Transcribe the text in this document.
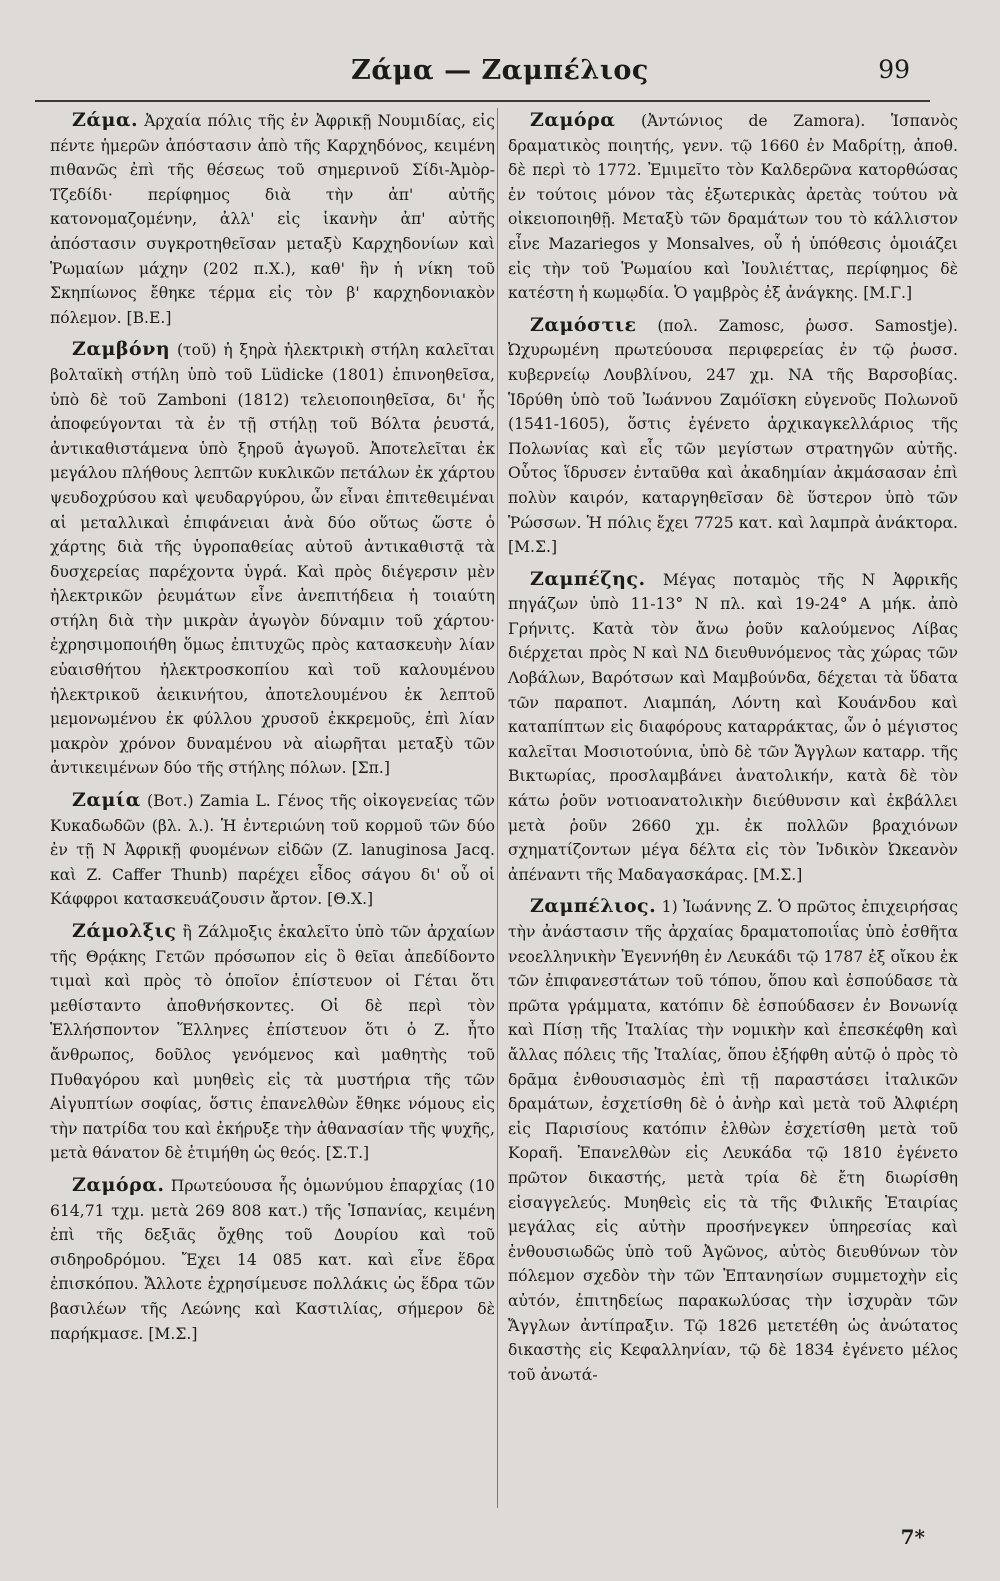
Ζάμα — Ζαμπέλιος	99

Ζάμα. Ἀρχαία πόλις τῆς ἐν Ἀφρικῇ Νουμιδίας, εἰς πέντε ἡμερῶν ἀπόστασιν ἀπὸ τῆς Καρχηδόνος, κειμένη πιθανῶς ἐπὶ τῆς θέσεως τοῦ σημερινοῦ Σίδι-Ἀμὸρ-Τζεδίδι· περίφημος διὰ τὴν ἀπ' αὐτῆς κατονομαζομένην, ἀλλ' εἰς ἱκανὴν ἀπ' αὐτῆς ἀπόστασιν συγκροτηθεῖσαν μεταξὺ Καρχηδονίων καὶ Ῥωμαίων μάχην (202 π.Χ.), καθ' ἣν ἡ νίκη τοῦ Σκηπίωνος ἔθηκε τέρμα εἰς τὸν β' καρχηδονιακὸν πόλεμον. [Β.Ε.]

Ζαμβόνη (τοῦ) ἡ ξηρὰ ἠλεκτρικὴ στήλη καλεῖται βολταϊκὴ στήλη ὑπὸ τοῦ Lüdicke (1801) ἐπινοηθεῖσα, ὑπὸ δὲ τοῦ Zamboni (1812) τελειοποιηθεῖσα, δι' ἧς ἀποφεύγονται τὰ ἐν τῇ στήλῃ τοῦ Βόλτα ῥευστά, ἀντικαθιστάμενα ὑπὸ ξηροῦ ἀγωγοῦ. Ἀποτελεῖται ἐκ μεγάλου πλήθους λεπτῶν κυκλικῶν πετάλων ἐκ χάρτου ψευδοχρύσου καὶ ψευδαργύρου, ὧν εἶναι ἐπιτεθειμέναι αἱ μεταλλικαὶ ἐπιφάνειαι ἀνὰ δύο οὕτως ὥστε ὁ χάρτης διὰ τῆς ὑγροπαθείας αὐτοῦ ἀντικαθιστᾷ τὰ δυσχερείας παρέχοντα ὑγρά. Καὶ πρὸς διέγερσιν μὲν ἠλεκτρικῶν ῥευμάτων εἶνε ἀνεπιτήδεια ἡ τοιαύτη στήλη διὰ τὴν μικρὰν ἀγωγὸν δύναμιν τοῦ χάρτου· ἐχρησιμοποιήθη ὅμως ἐπιτυχῶς πρὸς κατασκευὴν λίαν εὐαισθήτου ἠλεκτροσκοπίου καὶ τοῦ καλουμένου ἠλεκτρικοῦ ἀεικινήτου, ἀποτελουμένου ἐκ λεπτοῦ μεμονωμένου ἐκ φύλλου χρυσοῦ ἐκκρεμοῦς, ἐπὶ λίαν μακρὸν χρόνον δυναμένου νὰ αἰωρῆται μεταξὺ τῶν ἀντικειμένων δύο τῆς στήλης πόλων. [Σπ.]

Ζαμία (Βοτ.) Zamia L. Γένος τῆς οἰκογενείας τῶν Κυκαδωδῶν (βλ. λ.). Ἡ ἐντεριώνη τοῦ κορμοῦ τῶν δύο ἐν τῇ Ν Ἀφρικῇ φυομένων εἰδῶν (Z. lanuginosa Jacq. καὶ Z. Caffer Thunb) παρέχει εἶδος σάγου δι' οὗ οἱ Κάφφροι κατασκευάζουσιν ἄρτον. [Θ.Χ.]

Ζάμολξις ἢ Ζάλμοξις ἐκαλεῖτο ὑπὸ τῶν ἀρχαίων τῆς Θρᾴκης Γετῶν πρόσωπον εἰς ὃ θεῖαι ἀπεδίδοντο τιμαὶ καὶ πρὸς τὸ ὁποῖον ἐπίστευον οἱ Γέται ὅτι μεθίσταντο ἀποθνήσκοντες. Οἱ δὲ περὶ τὸν Ἑλλήσποντον Ἕλληνες ἐπίστευον ὅτι ὁ Ζ. ἦτο ἄνθρωπος, δοῦλος γενόμενος καὶ μαθητὴς τοῦ Πυθαγόρου καὶ μυηθεὶς εἰς τὰ μυστήρια τῆς τῶν Αἰγυπτίων σοφίας, ὅστις ἐπανελθὼν ἔθηκε νόμους εἰς τὴν πατρίδα του καὶ ἐκήρυξε τὴν ἀθανασίαν τῆς ψυχῆς, μετὰ θάνατον δὲ ἐτιμήθη ὡς θεός. [Σ.Τ.]

Ζαμόρα. Πρωτεύουσα ἧς ὁμωνύμου ἐπαρχίας (10 614,71 τχμ. μετὰ 269 808 κατ.) τῆς Ἱσπανίας, κειμένη ἐπὶ τῆς δεξιᾶς ὄχθης τοῦ Δουρίου καὶ τοῦ σιδηροδρόμου. Ἔχει 14 085 κατ. καὶ εἶνε ἕδρα ἐπισκόπου. Ἄλλοτε ἐχρησίμευσε πολλάκις ὡς ἕδρα τῶν βασιλέων τῆς Λεώνης καὶ Καστιλίας, σήμερον δὲ παρήκμασε. [Μ.Σ.]

Ζαμόρα (Ἀντώνιος de Zamora). Ἱσπανὸς δραματικὸς ποιητής, γενν. τῷ 1660 ἐν Μαδρίτῃ, ἀποθ. δὲ περὶ τὸ 1772. Ἐμιμεῖτο τὸν Καλδερῶνα κατορθώσας ἐν τούτοις μόνον τὰς ἐξωτερικὰς ἀρετὰς τούτου νὰ οἰκειοποιηθῇ. Μεταξὺ τῶν δραμάτων του τὸ κάλλιστον εἶνε Mazariegos y Monsalves, οὗ ἡ ὑπόθεσις ὁμοιάζει εἰς τὴν τοῦ Ῥωμαίου καὶ Ἰουλιέττας, περίφημος δὲ κατέστη ἡ κωμῳδία. Ὁ γαμβρὸς ἐξ ἀνάγκης. [Μ.Γ.]

Ζαμόστιε (πολ. Zamosc, ῥωσσ. Samostje). Ὠχυρωμένη πρωτεύουσα περιφερείας ἐν τῷ ῥωσσ. κυβερνείῳ Λουβλίνου, 247 χμ. ΝΑ τῆς Βαρσοβίας. Ἱδρύθη ὑπὸ τοῦ Ἰωάννου Ζαμόϊσκη εὐγενοῦς Πολωνοῦ (1541-1605), ὅστις ἐγένετο ἀρχικαγκελλάριος τῆς Πολωνίας καὶ εἷς τῶν μεγίστων στρατηγῶν αὐτῆς. Οὗτος ἵδρυσεν ἐνταῦθα καὶ ἀκαδημίαν ἀκμάσασαν ἐπὶ πολὺν καιρόν, καταργηθεῖσαν δὲ ὕστερον ὑπὸ τῶν Ῥώσσων. Ἡ πόλις ἔχει 7725 κατ. καὶ λαμπρὰ ἀνάκτορα. [Μ.Σ.]

Ζαμπέζης. Μέγας ποταμὸς τῆς Ν Ἀφρικῆς πηγάζων ὑπὸ 11-13° Ν πλ. καὶ 19-24° Α μήκ. ἀπὸ Γρήνιτς. Κατὰ τὸν ἄνω ῥοῦν καλούμενος Λίβας διέρχεται πρὸς Ν καὶ ΝΔ διευθυνόμενος τὰς χώρας τῶν Λοβάλων, Βαρότσων καὶ Μαμβούνδα, δέχεται τὰ ὕδατα τῶν παραποτ. Λιαμπάη, Λόντη καὶ Κουάνδου καὶ καταπίπτων εἰς διαφόρους καταρράκτας, ὧν ὁ μέγιστος καλεῖται Μοσιοτούνια, ὑπὸ δὲ τῶν Ἄγγλων καταρρ. τῆς Βικτωρίας, προσλαμβάνει ἀνατολικήν, κατὰ δὲ τὸν κάτω ῥοῦν νοτιοανατολικὴν διεύθυνσιν καὶ ἐκβάλλει μετὰ ῥοῦν 2660 χμ. ἐκ πολλῶν βραχιόνων σχηματίζοντων μέγα δέλτα εἰς τὸν Ἰνδικὸν Ὠκεανὸν ἀπέναντι τῆς Μαδαγασκάρας. [Μ.Σ.]

Ζαμπέλιος. 1) Ἰωάννης Ζ. Ὁ πρῶτος ἐπιχειρήσας τὴν ἀνάστασιν τῆς ἀρχαίας δραματοποιΐας ὑπὸ ἐσθῆτα νεοελληνικὴν Ἑγεννήθη ἐν Λευκάδι τῷ 1787 ἐξ οἴκου ἐκ τῶν ἐπιφανεστάτων τοῦ τόπου, ὅπου καὶ ἐσπούδασε τὰ πρῶτα γράμματα, κατόπιν δὲ ἐσπούδασεν ἐν Βονωνίᾳ καὶ Πίσῃ τῆς Ἰταλίας τὴν νομικὴν καὶ ἐπεσκέφθη καὶ ἄλλας πόλεις τῆς Ἰταλίας, ὅπου ἐξήφθη αὐτῷ ὁ πρὸς τὸ δρᾶμα ἐνθουσιασμὸς ἐπὶ τῇ παραστάσει ἰταλικῶν δραμάτων, ἐσχετίσθη δὲ ὁ ἀνὴρ καὶ μετὰ τοῦ Ἀλφιέρη εἰς Παρισίους κατόπιν ἐλθὼν ἐσχετίσθη μετὰ τοῦ Κοραῆ. Ἐπανελθὼν εἰς Λευκάδα τῷ 1810 ἐγένετο πρῶτον δικαστής, μετὰ τρία δὲ ἔτη διωρίσθη εἰσαγγελεύς. Μυηθεὶς εἰς τὰ τῆς Φιλικῆς Ἑταιρίας μεγάλας εἰς αὐτὴν προσήνεγκεν ὑπηρεσίας καὶ ἐνθουσιωδῶς ὑπὸ τοῦ Ἀγῶνος, αὐτὸς διευθύνων τὸν πόλεμον σχεδὸν τὴν τῶν Ἑπτανησίων συμμετοχὴν εἰς αὐτόν, ἐπιτηδείως παρακωλύσας τὴν ἰσχυρὰν τῶν Ἄγγλων ἀντίπραξιν. Τῷ 1826 μετετέθη ὡς ἀνώτατος δικαστὴς εἰς Κεφαλληνίαν, τῷ δὲ 1834 ἐγένετο μέλος τοῦ ἀνωτά-

7*
